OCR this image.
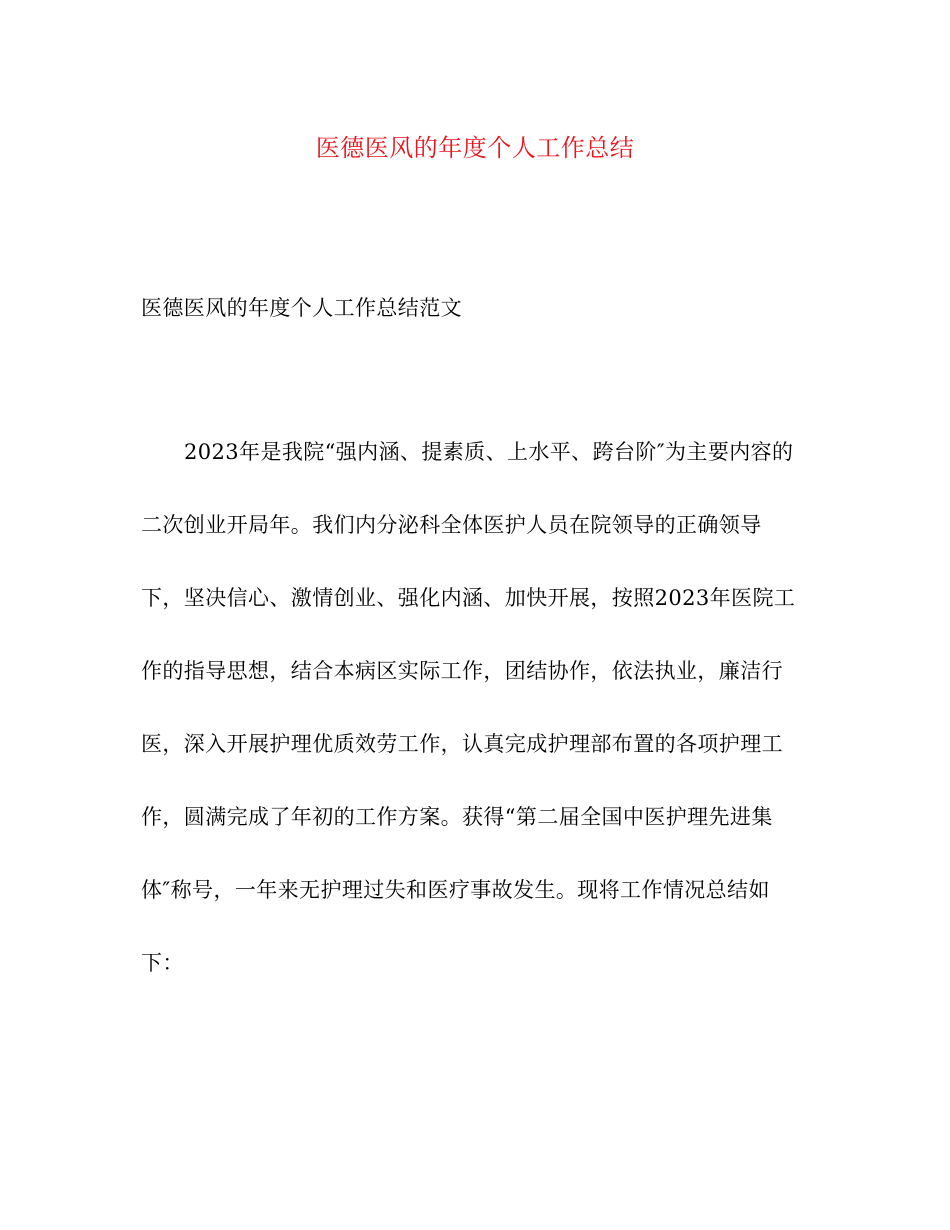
医德医风的年度个人工作总结
医德医风的年度个人工作总结范文
2023年是我院“强内涵、提素质、上水平、跨台阶″为主要内容的
二次创业开局年。我们内分泌科全体医护人员在院领导的正确领导
下，坚决信心、激情创业、强化内涵、加快开展，按照2023年医院工
作的指导思想，结合本病区实际工作，团结协作，依法执业，廉洁行
医，深入开展护理优质效劳工作，认真完成护理部布置的各项护理工
作，圆满完成了年初的工作方案。获得“第二届全国中医护理先进集
体″称号，一年来无护理过失和医疗事故发生。现将工作情况总结如
下：
